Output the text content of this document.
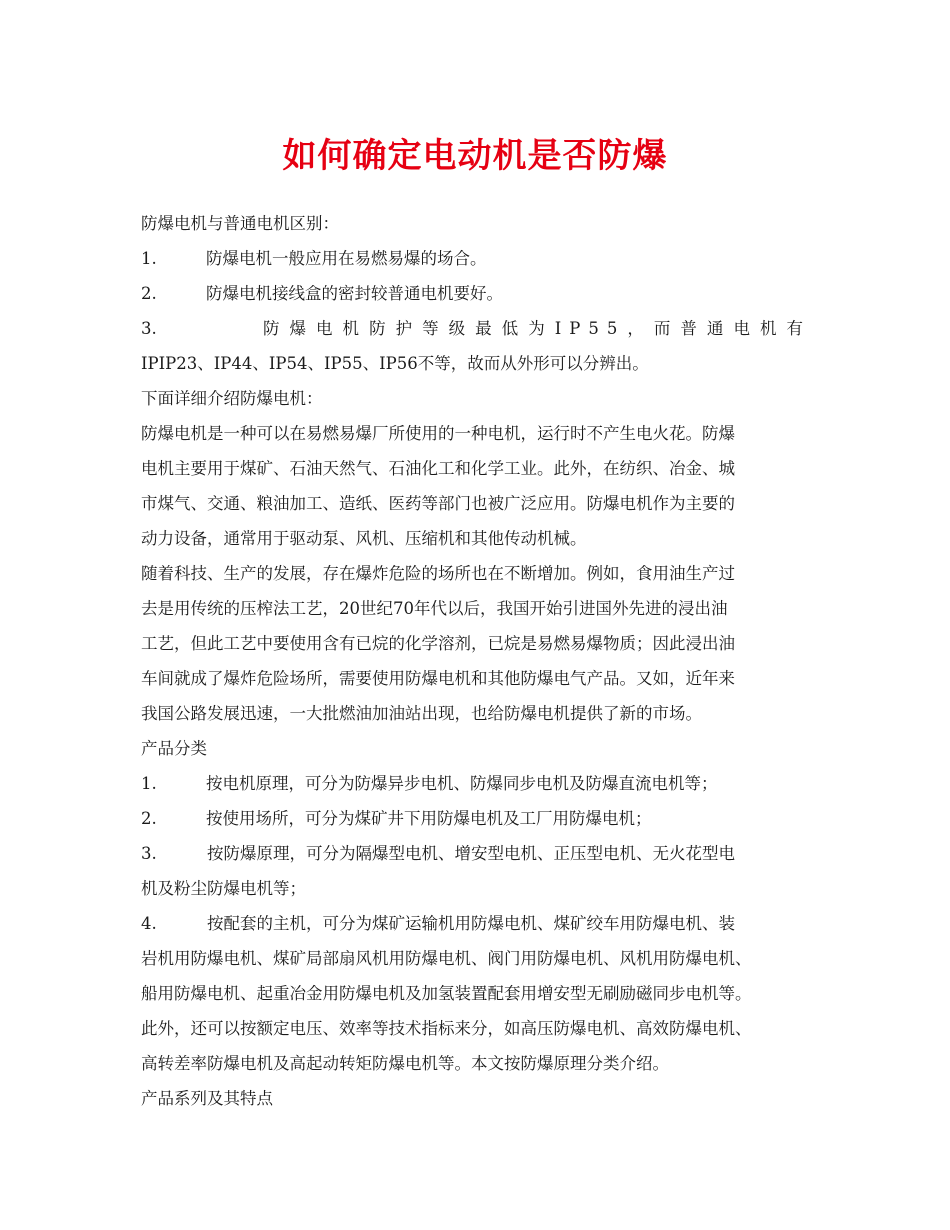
如何确定电动机是否防爆
防爆电机与普通电机区别：
1.	防爆电机一般应用在易燃易爆的场合。
2.	防爆电机接线盒的密封较普通电机要好。
3.	防爆电机防护等级最低为IP55，而普通电机有
IPIP23、IP44、IP54、IP55、IP56不等，故而从外形可以分辨出。
下面详细介绍防爆电机：
防爆电机是一种可以在易燃易爆厂所使用的一种电机，运行时不产生电火花。防爆
电机主要用于煤矿、石油天然气、石油化工和化学工业。此外，在纺织、冶金、城
市煤气、交通、粮油加工、造纸、医药等部门也被广泛应用。防爆电机作为主要的
动力设备，通常用于驱动泵、风机、压缩机和其他传动机械。
随着科技、生产的发展，存在爆炸危险的场所也在不断增加。例如，食用油生产过
去是用传统的压榨法工艺，20世纪70年代以后，我国开始引进国外先进的浸出油
工艺，但此工艺中要使用含有已烷的化学溶剂，已烷是易燃易爆物质；因此浸出油
车间就成了爆炸危险场所，需要使用防爆电机和其他防爆电气产品。又如，近年来
我国公路发展迅速，一大批燃油加油站出现，也给防爆电机提供了新的市场。
产品分类
1.	按电机原理，可分为防爆异步电机、防爆同步电机及防爆直流电机等；
2.	按使用场所，可分为煤矿井下用防爆电机及工厂用防爆电机；
3.	按防爆原理，可分为隔爆型电机、增安型电机、正压型电机、无火花型电
机及粉尘防爆电机等；
4.	按配套的主机，可分为煤矿运输机用防爆电机、煤矿绞车用防爆电机、装
岩机用防爆电机、煤矿局部扇风机用防爆电机、阀门用防爆电机、风机用防爆电机、
船用防爆电机、起重冶金用防爆电机及加氢装置配套用增安型无刷励磁同步电机等。
此外，还可以按额定电压、效率等技术指标来分，如高压防爆电机、高效防爆电机、
高转差率防爆电机及高起动转矩防爆电机等。本文按防爆原理分类介绍。
产品系列及其特点
